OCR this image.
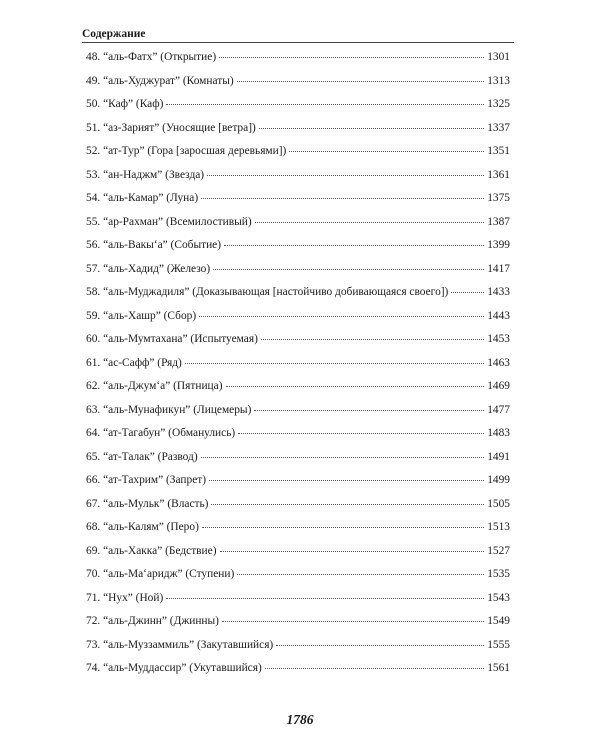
Содержание
48. “аль-Фатх” (Открытие)	1301
49. “аль-Худжурат” (Комнаты)	1313
50. “Каф” (Каф)	1325
51. “аз-Зарият” (Уносящие [ветра])	1337
52. “ат-Тур” (Гора [заросшая деревьями])	1351
53. “ан-Наджм” (Звезда)	1361
54. “аль-Камар” (Луна)	1375
55. “ар-Рахман” (Всемилостивый)	1387
56. “аль-Вакы‘а” (Событие)	1399
57. “аль-Хадид” (Железо)	1417
58. “аль-Муджадиля” (Доказывающая [настойчиво добивающаяся своего])	1433
59. “аль-Хашр” (Сбор)	1443
60. “аль-Мумтахана” (Испытуемая)	1453
61. “ас-Сафф” (Ряд)	1463
62. “аль-Джум‘а” (Пятница)	1469
63. “аль-Мунафикун” (Лицемеры)	1477
64. “ат-Тагабун” (Обманулись)	1483
65. “ат-Талак” (Развод)	1491
66. “ат-Тахрим” (Запрет)	1499
67. “аль-Мульк” (Власть)	1505
68. “аль-Калям” (Перо)	1513
69. “аль-Хакка” (Бедствие)	1527
70. “аль-Ма‘аридж” (Ступени)	1535
71. “Нух” (Ной)	1543
72. “аль-Джинн” (Джинны)	1549
73. “аль-Муззаммиль” (Закутавшийся)	1555
74. “аль-Муддассир” (Укутавшийся)	1561
1786
